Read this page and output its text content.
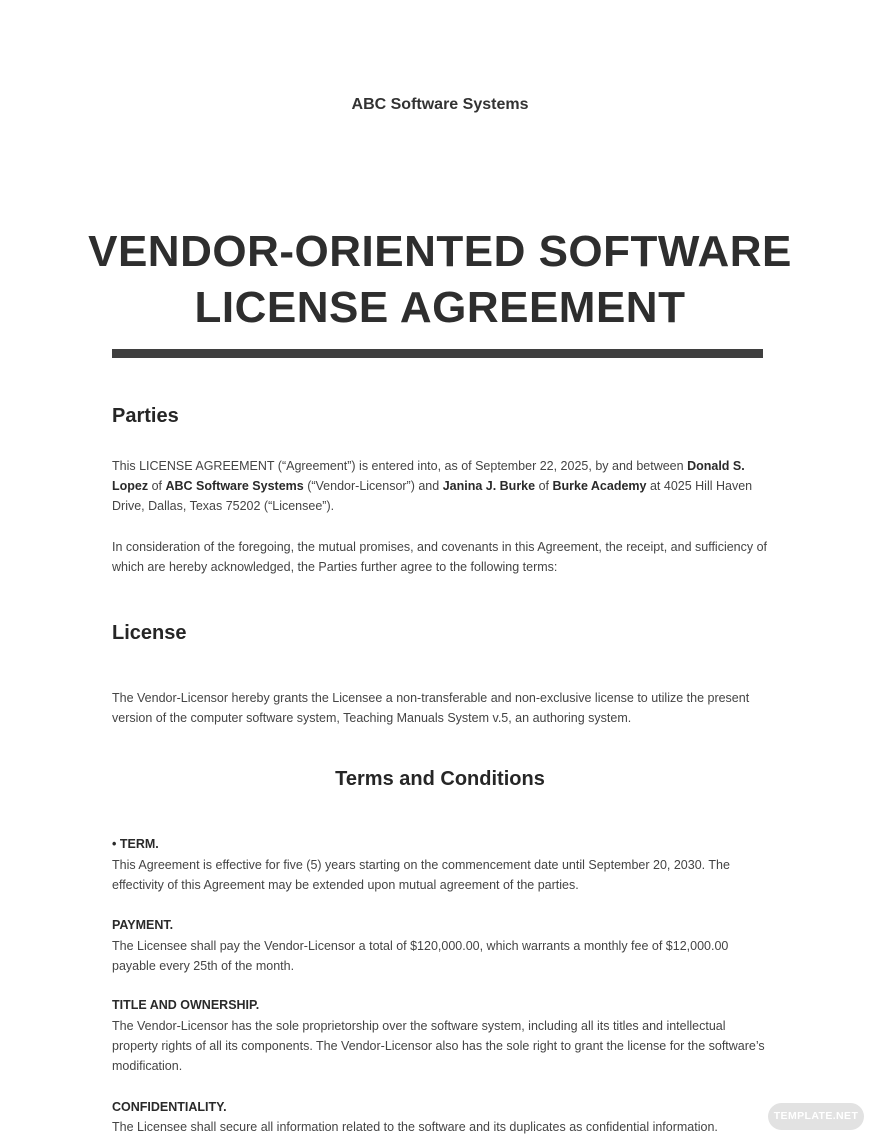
ABC Software Systems
VENDOR-ORIENTED SOFTWARE
LICENSE AGREEMENT
Parties
This LICENSE AGREEMENT (“Agreement”) is entered into, as of September 22, 2025, by and between Donald S. Lopez of ABC Software Systems (“Vendor-Licensor”) and Janina J. Burke of Burke Academy at 4025 Hill Haven Drive, Dallas, Texas 75202 (“Licensee”).
In consideration of the foregoing, the mutual promises, and covenants in this Agreement, the receipt, and sufficiency of which are hereby acknowledged, the Parties further agree to the following terms:
License
The Vendor-Licensor hereby grants the Licensee a non-transferable and non-exclusive license to utilize the present version of the computer software system, Teaching Manuals System v.5, an authoring system.
Terms and Conditions
• TERM.
This Agreement is effective for five (5) years starting on the commencement date until September 20, 2030. The effectivity of this Agreement may be extended upon mutual agreement of the parties.
PAYMENT.
The Licensee shall pay the Vendor-Licensor a total of $120,000.00, which warrants a monthly fee of $12,000.00 payable every 25th of the month.
TITLE AND OWNERSHIP.
The Vendor-Licensor has the sole proprietorship over the software system, including all its titles and intellectual property rights of all its components. The Vendor-Licensor also has the sole right to grant the license for the software’s modification.
CONFIDENTIALITY.
The Licensee shall secure all information related to the software and its duplicates as confidential information.
TEMPLATE.NET
